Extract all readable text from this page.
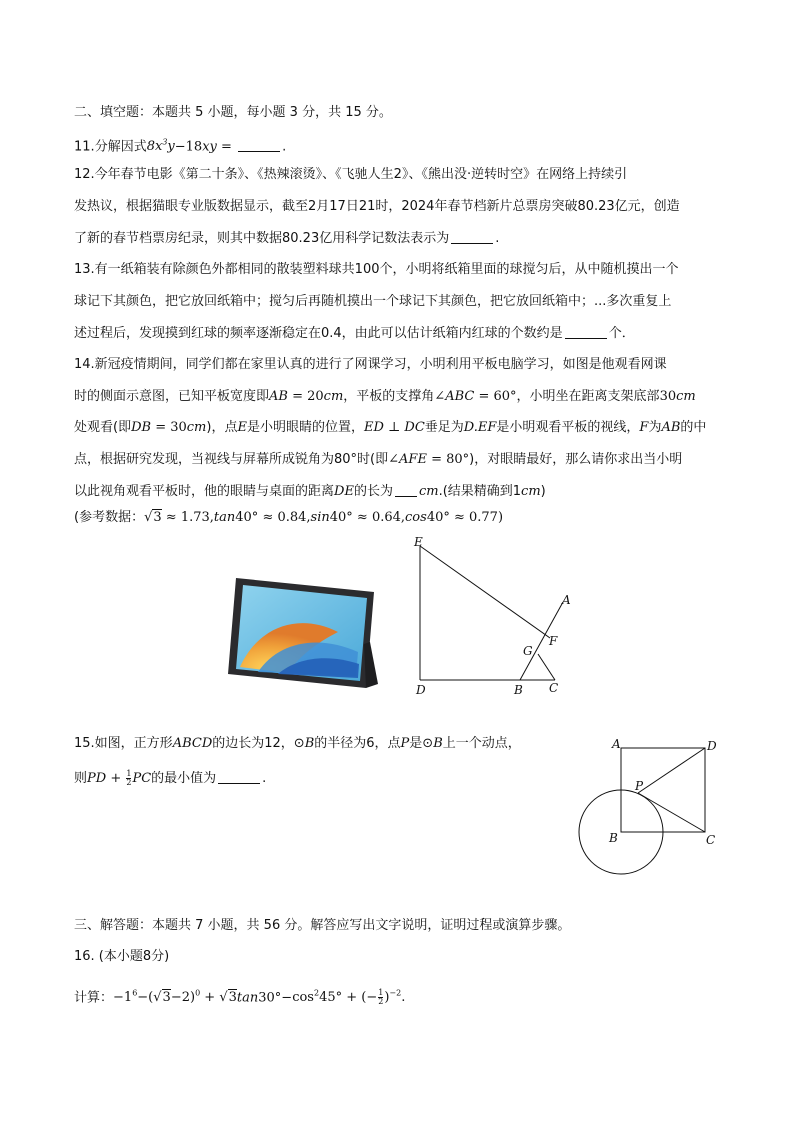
二、填空题：本题共 5 小题，每小题 3 分，共 15 分。
11.分解因式$8x^3y-18xy$ =	.
12.今年春节电影《第二十条》、《热辣滚烫》、《飞驰人生2》、《熊出没·逆转时空》在网络上持续引
发热议，根据猫眼专业版数据显示，截至2月17日21时，2024年春节档新片总票房突破80.23亿元，创造
了新的春节档票房纪录，则其中数据80.23亿用科学记数法表示为	.
13.有一纸箱装有除颜色外都相同的散装塑料球共100个，小明将纸箱里面的球搅匀后，从中随机摸出一个
球记下其颜色，把它放回纸箱中；搅匀后再随机摸出一个球记下其颜色，把它放回纸箱中；...多次重复上
述过程后，发现摸到红球的频率逐渐稳定在0.4，由此可以估计纸箱内红球的个数约是	个．
14.新冠疫情期间，同学们都在家里认真的进行了网课学习，小明利用平板电脑学习，如图是他观看网课
时的侧面示意图，已知平板宽度即AB = 20cm，平板的支撑角∠ABC = 60°，小明坐在距离支架底部30cm
处观看(即DB = 30cm)，点E是小明眼睛的位置，ED ⊥ DC垂足为D.EF是小明观看平板的视线，F为AB的中
点，根据研究发现，当视线与屏幕所成锐角为80°时(即∠AFE = 80°)，对眼睛最好，那么请你求出当小明
以此视角观看平板时，他的眼睛与桌面的距离DE的长为 cm.(结果精确到1cm)
(参考数据：√3 ≈ 1.73,tan40° ≈ 0.84,sin40° ≈ 0.64,cos40° ≈ 0.77)
E
A
F
G
D	B C
15.如图，正方形ABCD的边长为12，⊙B的半径为6，点P是⊙B上一个动点，
则PD + $\frac{1}{2}$ PC的最小值为	.
A	D
P
B	C
三、解答题：本题共 7 小题，共 56 分。解答应写出文字说明，证明过程或演算步骤。
16. (本小题8分)
计算：$-1^6-(√3-2)^0 + √3\tan 30^\circ-\cos^245^\circ$ + (− $\frac{1}{2} )^{-2}$.
